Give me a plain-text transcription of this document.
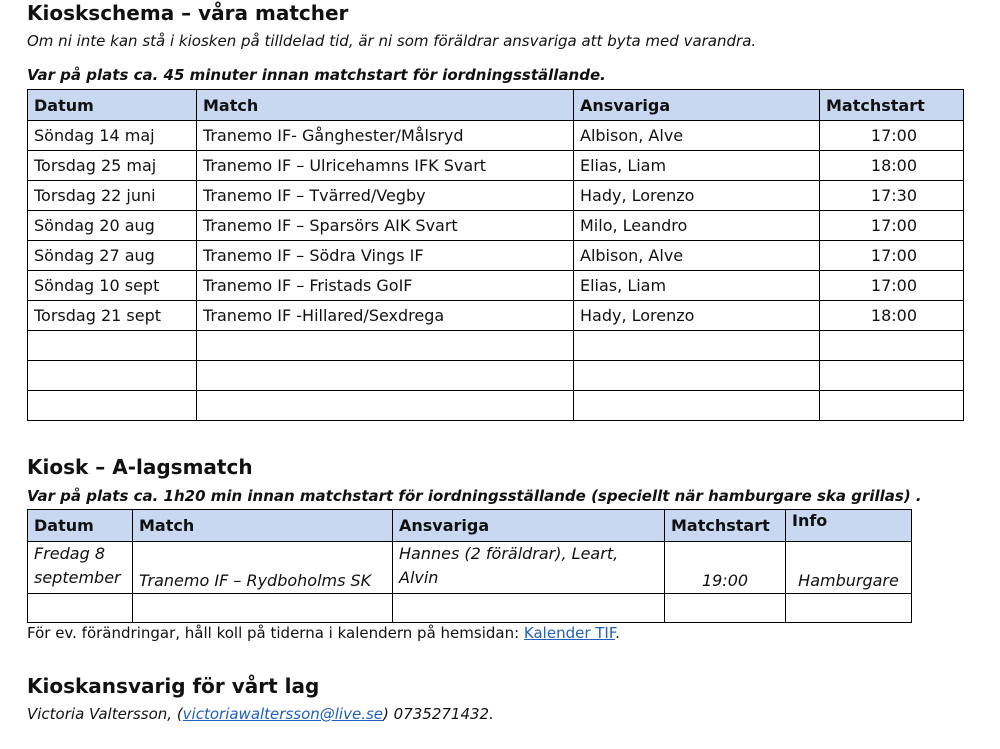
Kioskschema – våra matcher

Om ni inte kan stå i kiosken på tilldelad tid, är ni som föräldrar ansvariga att byta med varandra.

Var på plats ca. 45 minuter innan matchstart för iordningsställande.

Datum	Match	Ansvariga	Matchstart
Söndag 14 maj	Tranemo IF- Gånghester/Målsryd	Albison, Alve	17:00
Torsdag 25 maj	Tranemo IF – Ulricehamns IFK Svart	Elias, Liam	18:00
Torsdag 22 juni	Tranemo IF – Tvärred/Vegby	Hady, Lorenzo	17:30
Söndag 20 aug	Tranemo IF – Sparsörs AIK Svart	Milo, Leandro	17:00
Söndag 27 aug	Tranemo IF – Södra Vings IF	Albison, Alve	17:00
Söndag 10 sept	Tranemo IF – Fristads GoIF	Elias, Liam	17:00
Torsdag 21 sept	Tranemo IF -Hillared/Sexdrega	Hady, Lorenzo	18:00

Kiosk – A-lagsmatch

Var på plats ca. 1h20 min innan matchstart för iordningsställande (speciellt när hamburgare ska grillas) .

Datum	Match	Ansvariga	Matchstart	Info
Fredag 8 september	Tranemo IF – Rydboholms SK	Hannes (2 föräldrar), Leart, Alvin	19:00	Hamburgare

För ev. förändringar, håll koll på tiderna i kalendern på hemsidan: Kalender TIF.

Kioskansvarig för vårt lag

Victoria Valtersson, (victoriawaltersson@live.se) 0735271432.
